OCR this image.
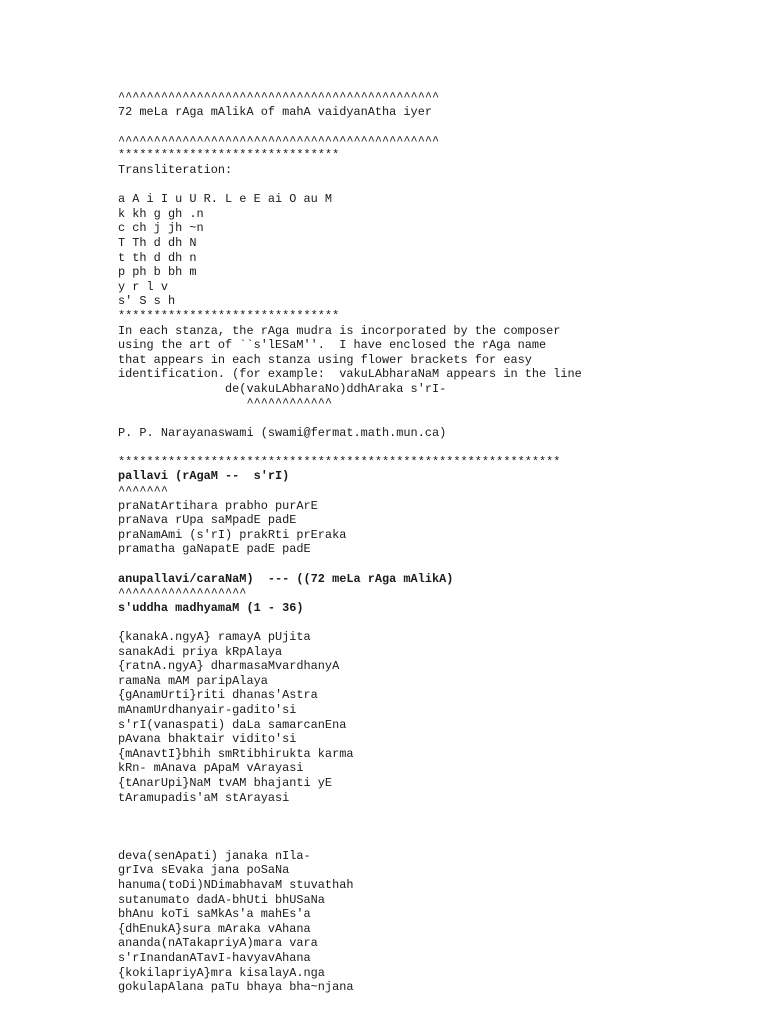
^^^^^^^^^^^^^^^^^^^^^^^^^^^^^^^^^^^^^^^^^^^^^
72 meLa rAga mAlikA of mahA vaidyanAtha iyer
^^^^^^^^^^^^^^^^^^^^^^^^^^^^^^^^^^^^^^^^^^^^^
*******************************
Transliteration:
a A i I u U R. L e E ai O au M
k kh g gh .n
c ch j jh ~n
T Th d dh N
t th d dh n
p ph b bh m
y r l v
s' S s h
*******************************
In each stanza, the rAga mudra is incorporated by the composer
using the art of ``s'lESaM''.  I have enclosed the rAga name
that appears in each stanza using flower brackets for easy
identification. (for example:  vakuLAbharaNaM appears in the line
de(vakuLAbharaNo)ddhAraka s'rI-
^^^^^^^^^^^^
P. P. Narayanaswami (swami@fermat.math.mun.ca)
**************************************************************
pallavi (rAgaM --  s'rI)
^^^^^^^
praNatArtihara prabho purArE
praNava rUpa saMpadE padE
praNamAmi (s'rI) prakRti prEraka
pramatha gaNapatE padE padE
anupallavi/caraNaM)  --- ((72 meLa rAga mAlikA)
^^^^^^^^^^^^^^^^^^
s'uddha madhyamaM (1 - 36)
{kanakA.ngyA} ramayA pUjita
sanakAdi priya kRpAlaya
{ratnA.ngyA} dharmasaMvardhanyA
ramaNa mAM paripAlaya
{gAnamUrti}riti dhanas'Astra
mAnamUrdhanyair-gadito'si
s'rI(vanaspati) daLa samarcanEna
pAvana bhaktair vidito'si
{mAnavtI}bhih smRtibhirukta karma
kRn- mAnava pApaM vArayasi
{tAnarUpi}NaM tvAM bhajanti yE
tAramupadis'aM stArayasi
deva(senApati) janaka nIla-
grIva sEvaka jana poSaNa
hanuma(toDi)NDimabhavaM stuvathah
sutanumato dadA-bhUti bhUSaNa
bhAnu koTi saMkAs'a mahEs'a
{dhEnukA}sura mAraka vAhana
ananda(nATakapriyA)mara vara
s'rInandanATavI-havyavAhana
{kokilapriyA}mra kisalayA.nga
gokulapAlana paTu bhaya bha~njana
